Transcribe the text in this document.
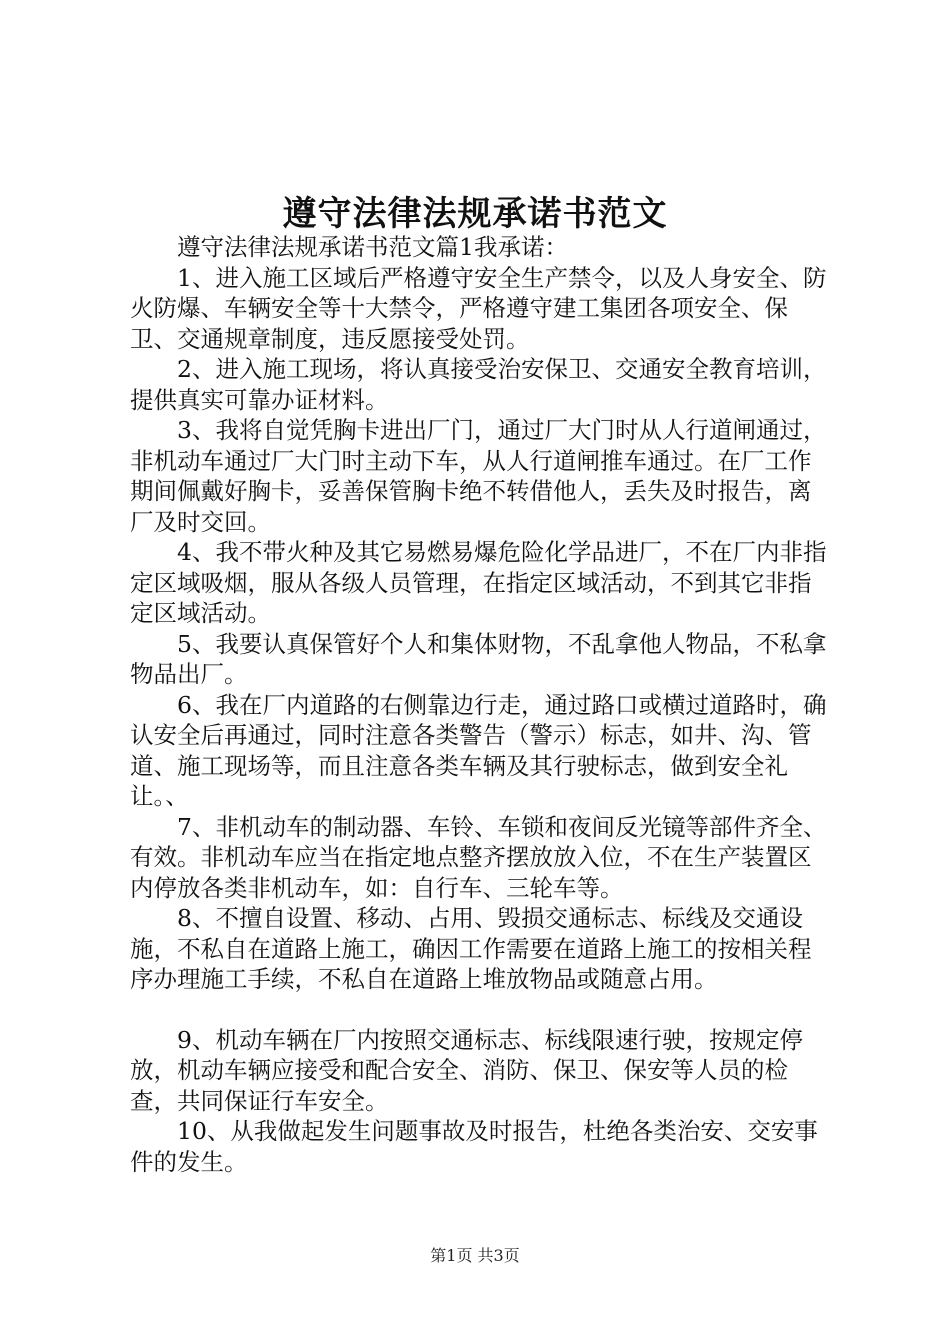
遵守法律法规承诺书范文

遵守法律法规承诺书范文篇1我承诺：

1、进入施工区域后严格遵守安全生产禁令，以及人身安全、防火防爆、车辆安全等十大禁令，严格遵守建工集团各项安全、保卫、交通规章制度，违反愿接受处罚。

2、进入施工现场，将认真接受治安保卫、交通安全教育培训，提供真实可靠办证材料。

3、我将自觉凭胸卡进出厂门，通过厂大门时从人行道闸通过，非机动车通过厂大门时主动下车，从人行道闸推车通过。在厂工作期间佩戴好胸卡，妥善保管胸卡绝不转借他人，丢失及时报告，离厂及时交回。

4、我不带火种及其它易燃易爆危险化学品进厂，不在厂内非指定区域吸烟，服从各级人员管理，在指定区域活动，不到其它非指定区域活动。

5、我要认真保管好个人和集体财物，不乱拿他人物品，不私拿物品出厂。

6、我在厂内道路的右侧靠边行走，通过路口或横过道路时，确认安全后再通过，同时注意各类警告（警示）标志，如井、沟、管道、施工现场等，而且注意各类车辆及其行驶标志，做到安全礼让。、

7、非机动车的制动器、车铃、车锁和夜间反光镜等部件齐全、有效。非机动车应当在指定地点整齐摆放放入位，不在生产装置区内停放各类非机动车，如：自行车、三轮车等。

8、不擅自设置、移动、占用、毁损交通标志、标线及交通设施，不私自在道路上施工，确因工作需要在道路上施工的按相关程序办理施工手续，不私自在道路上堆放物品或随意占用。

9、机动车辆在厂内按照交通标志、标线限速行驶，按规定停放，机动车辆应接受和配合安全、消防、保卫、保安等人员的检查，共同保证行车安全。

10、从我做起发生问题事故及时报告，杜绝各类治安、交安事件的发生。

第1页 共3页
